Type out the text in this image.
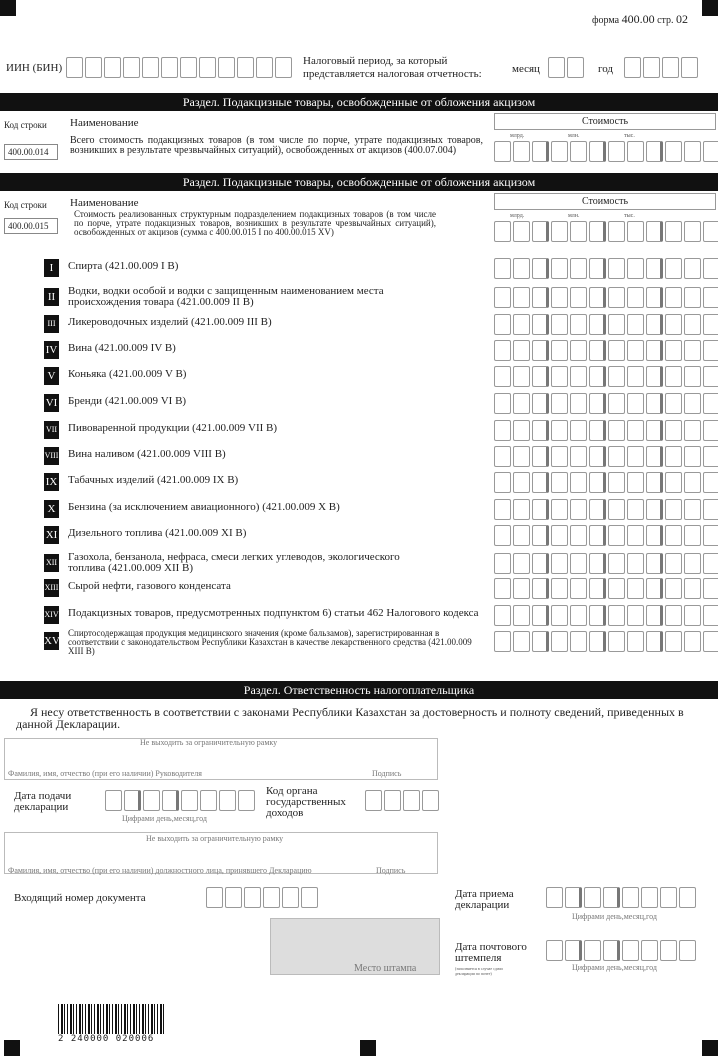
форма 400.00 стр. 02
ИИН (БИН)
Налоговый период, за который представляется налоговая отчетность:	месяц	год
Раздел. Подакцизные товары, освобожденные от обложения акцизом
Код строки Наименование	Стоимость
млрд.	млн.	тыс.
400.00.014
Всего стоимость подакцизных товаров (в том числе по порче, утрате подакцизных товаров, возникших в результате чрезвычайных ситуаций), освобожденных от акцизов (400.07.004)
Раздел. Подакцизные товары, освобожденные от обложения акцизом
Код строки Наименование	Стоимость
млрд.	млн.	тыс.
400.00.015
Стоимость реализованных структурным подразделением подакцизных товаров (в том числе по порче, утрате подакцизных товаров, возникших в результате чрезвычайных ситуаций), освобожденных от акцизов (сумма с 400.00.015 I по 400.00.015 XV)
I	Спирта (421.00.009 I В)
II	Водки, водки особой и водки с защищенным наименованием места происхождения товара (421.00.009 II В)
III	Ликероводочных изделий (421.00.009 III В)
IV Вина (421.00.009 IV В)
V	Коньяка (421.00.009 V В)
VI Бренди (421.00.009 VI В)
VII Пивоваренной продукции (421.00.009 VII В)
VIII Вина наливом (421.00.009 VIII В)
IX Табачных изделий (421.00.009 IX В)
X	Бензина (за исключением авиационного) (421.00.009 X В)
XI Дизельного топлива (421.00.009 XI В)
XII Газохола, бензанола, нефраса, смеси легких углеводов, экологического топлива (421.00.009 XII В)
XIII Сырой нефти, газового конденсата
XIV Подакцизных товаров, предусмотренных подпунктом 6) статьи 462 Налогового кодекса
XV
Спиртосодержащая продукция медицинского значения (кроме бальзамов), зарегистрированная в соответствии с законодательством Республики Казахстан в качестве лекарственного средства (421.00.009 XIII В)
Раздел. Ответственность налогоплательщика
Я несу ответственность в соответствии с законами Республики Казахстан за достоверность и полноту сведений, приведенных в данной Декларации.
Не выходить за ограничительную рамку
Фамилия, имя, отчество (при его наличии) Руководителя	Подпись
Дата подачи декларации
Цифрами день,месяц,год
Код органа государственных доходов
Не выходить за ограничительную рамку
Фамилия, имя, отчество (при его наличии) должностного лица, принявшего Декларацию	Подпись
Входящий номер документа
Место штампа
Дата приема декларации
Цифрами день,месяц,год
Дата почтового штемпеля
(заполняется в случае сдачи декларации по почте)
Цифрами день,месяц,год
2 240000 020006
